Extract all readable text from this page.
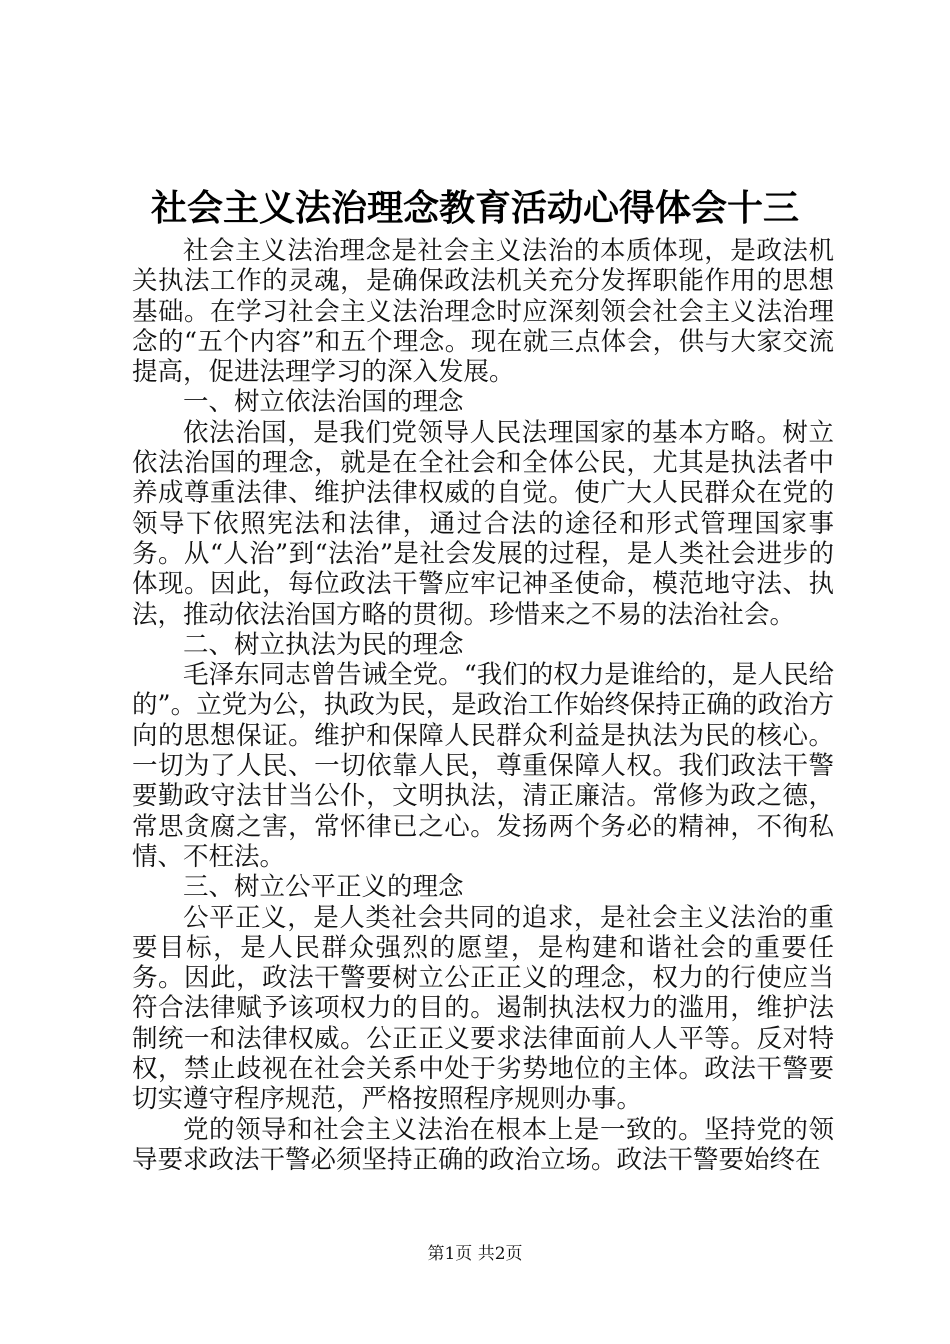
社会主义法治理念教育活动心得体会十三

社会主义法治理念是社会主义法治的本质体现，是政法机关执法工作的灵魂，是确保政法机关充分发挥职能作用的思想基础。在学习社会主义法治理念时应深刻领会社会主义法治理念的“五个内容”和五个理念。现在就三点体会，供与大家交流提高，促进法理学习的深入发展。

一、树立依法治国的理念

依法治国，是我们党领导人民法理国家的基本方略。树立依法治国的理念，就是在全社会和全体公民，尤其是执法者中养成尊重法律、维护法律权威的自觉。使广大人民群众在党的领导下依照宪法和法律，通过合法的途径和形式管理国家事务。从“人治”到“法治”是社会发展的过程，是人类社会进步的体现。因此，每位政法干警应牢记神圣使命，模范地守法、执法，推动依法治国方略的贯彻。珍惜来之不易的法治社会。

二、树立执法为民的理念

毛泽东同志曾告诫全党。“我们的权力是谁给的，是人民给的”。立党为公，执政为民，是政治工作始终保持正确的政治方向的思想保证。维护和保障人民群众利益是执法为民的核心。一切为了人民、一切依靠人民，尊重保障人权。我们政法干警要勤政守法甘当公仆，文明执法，清正廉洁。常修为政之德，常思贪腐之害，常怀律已之心。发扬两个务必的精神，不徇私情、不枉法。

三、树立公平正义的理念

公平正义，是人类社会共同的追求，是社会主义法治的重要目标，是人民群众强烈的愿望，是构建和谐社会的重要任务。因此，政法干警要树立公正正义的理念，权力的行使应当符合法律赋予该项权力的目的。遏制执法权力的滥用，维护法制统一和法律权威。公正正义要求法律面前人人平等。反对特权，禁止歧视在社会关系中处于劣势地位的主体。政法干警要切实遵守程序规范，严格按照程序规则办事。

党的领导和社会主义法治在根本上是一致的。坚持党的领导要求政法干警必须坚持正确的政治立场。政法干警要始终在

第1页 共2页
